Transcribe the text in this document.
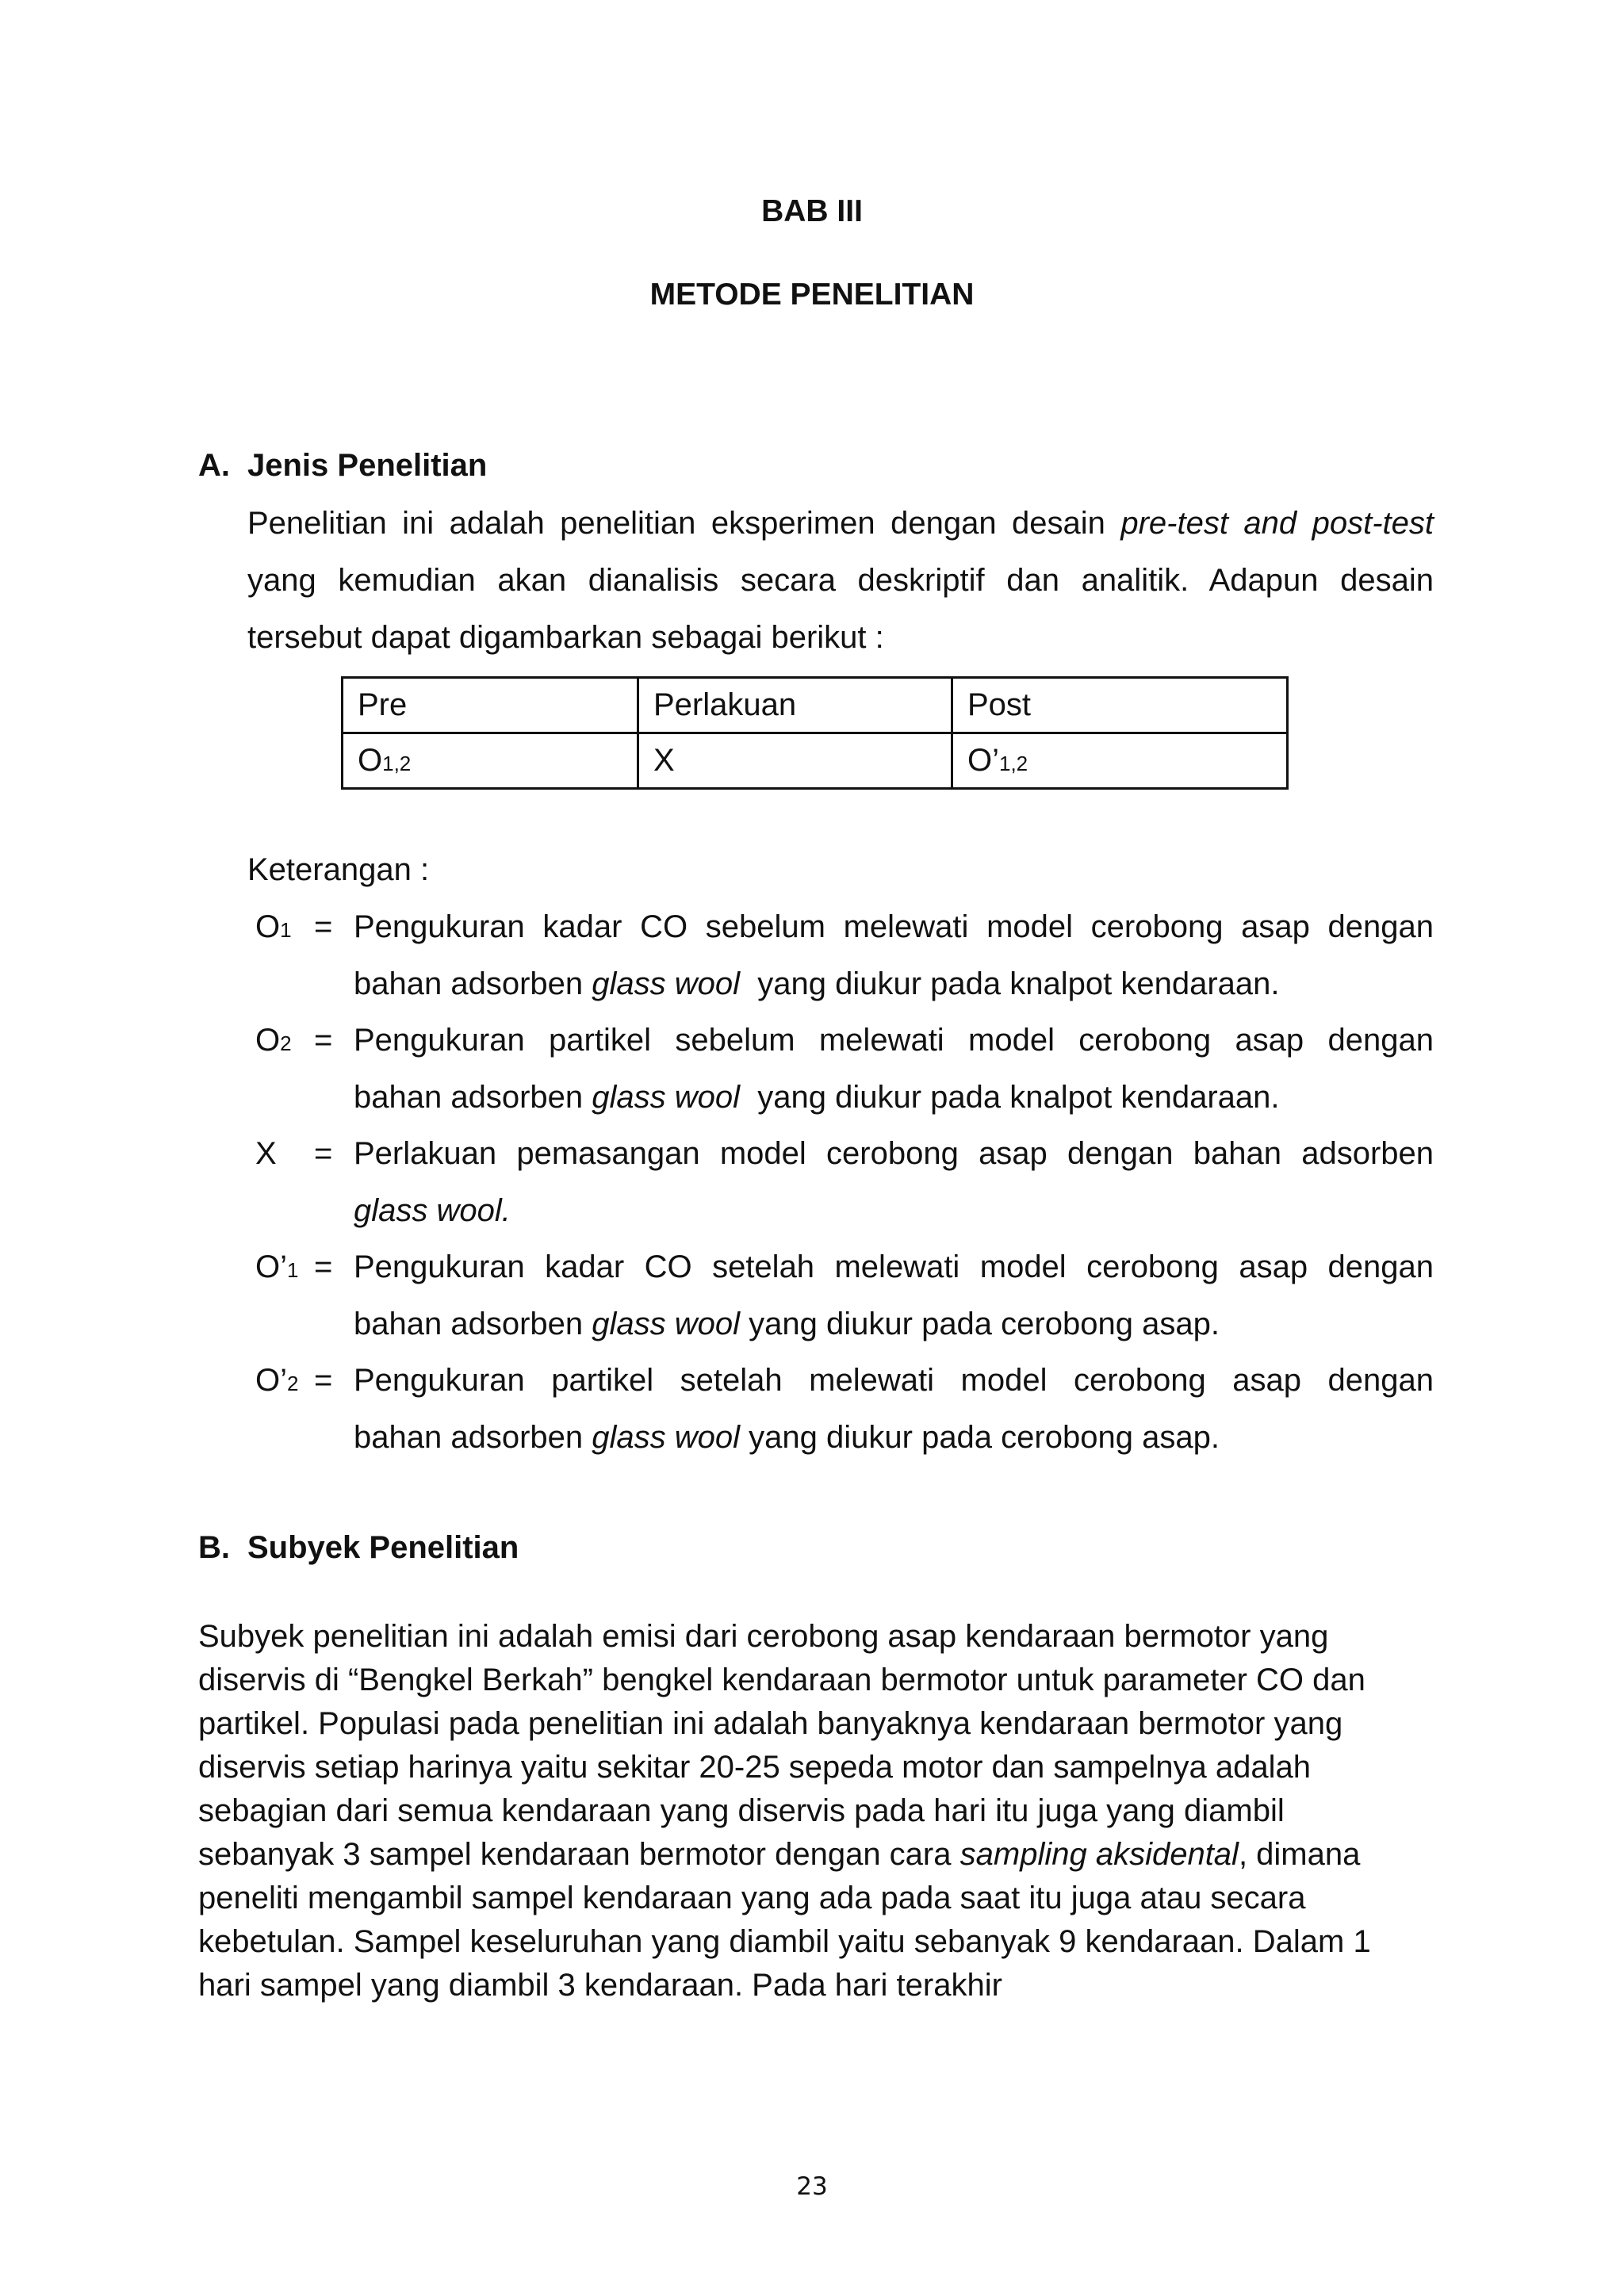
BAB III
METODE PENELITIAN
A. Jenis Penelitian
Penelitian ini adalah penelitian eksperimen dengan desain pre-test and post-test
yang kemudian akan dianalisis secara deskriptif dan analitik. Adapun desain
tersebut dapat digambarkan sebagai berikut :
Pre	Perlakuan	Post
O1,2	X	O’1,2
Keterangan :
O1 = Pengukuran kadar CO sebelum melewati model cerobong asap dengan
bahan adsorben glass wool yang diukur pada knalpot kendaraan.
O2 = Pengukuran partikel sebelum melewati model cerobong asap dengan
bahan adsorben glass wool yang diukur pada knalpot kendaraan.
X = Perlakuan pemasangan model cerobong asap dengan bahan adsorben
glass wool.
O’1 = Pengukuran kadar CO setelah melewati model cerobong asap dengan
bahan adsorben glass wool yang diukur pada cerobong asap.
O’2 = Pengukuran partikel setelah melewati model cerobong asap dengan
bahan adsorben glass wool yang diukur pada cerobong asap.
B. Subyek Penelitian
Subyek penelitian ini adalah emisi dari cerobong asap kendaraan bermotor yang
diservis di “Bengkel Berkah” bengkel kendaraan bermotor untuk parameter CO dan
partikel. Populasi pada penelitian ini adalah banyaknya kendaraan bermotor yang
diservis setiap harinya yaitu sekitar 20-25 sepeda motor dan sampelnya adalah
sebagian dari semua kendaraan yang diservis pada hari itu juga yang diambil
sebanyak 3 sampel kendaraan bermotor dengan cara sampling aksidental, dimana
peneliti mengambil sampel kendaraan yang ada pada saat itu juga atau secara
kebetulan. Sampel keseluruhan yang diambil yaitu sebanyak 9 kendaraan. Dalam 1
hari sampel yang diambil 3 kendaraan. Pada hari terakhir
23
